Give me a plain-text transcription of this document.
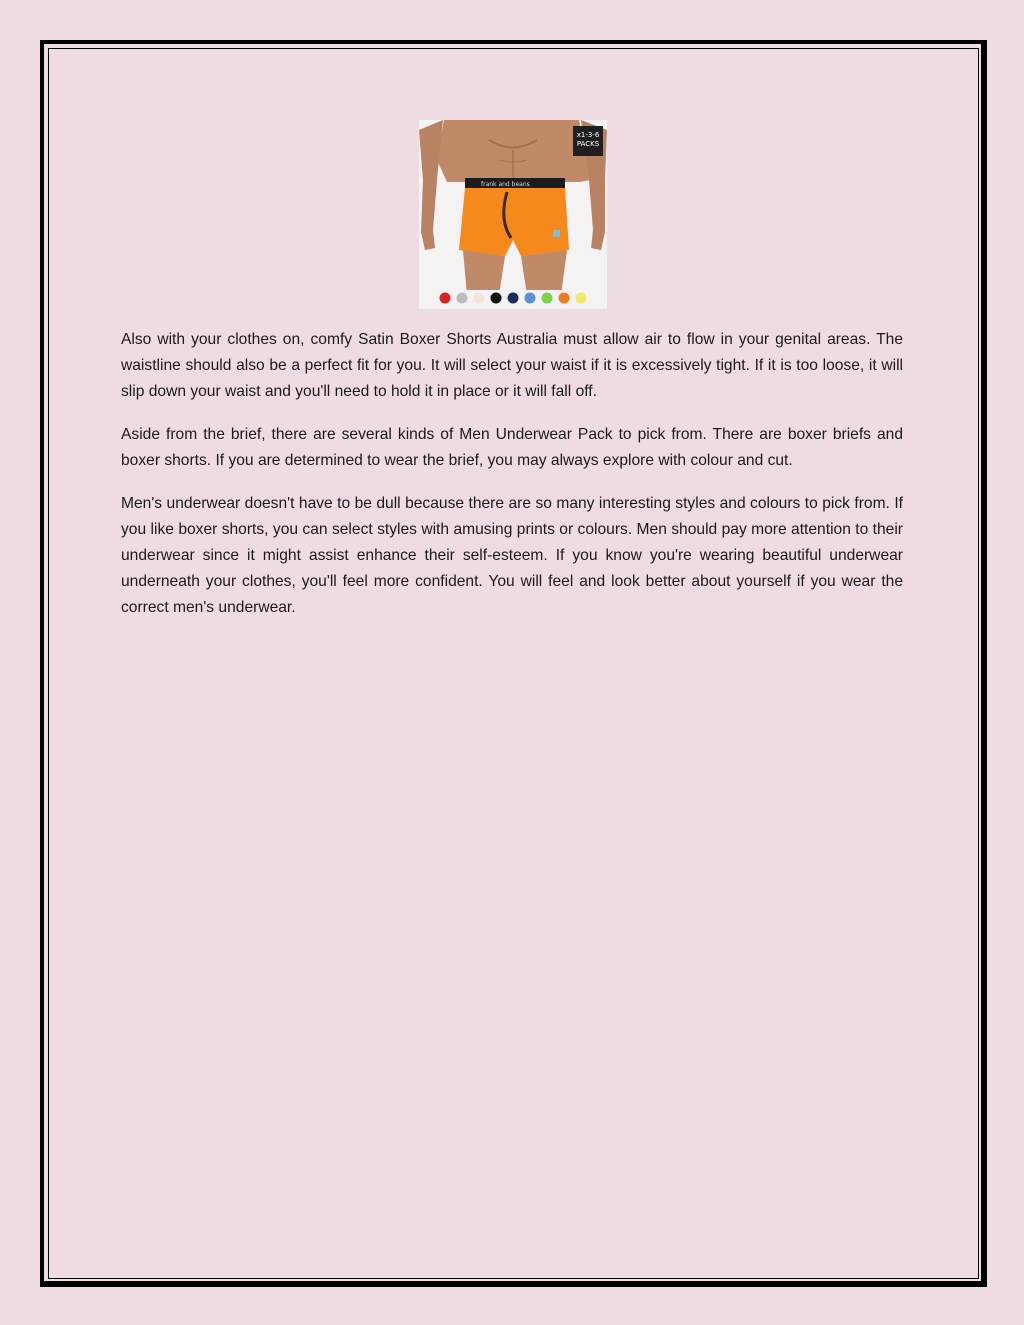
frank and beans
x1-3-6
PACKS

Also with your clothes on, comfy Satin Boxer Shorts Australia must allow air to flow in your genital areas. The waistline should also be a perfect fit for you. It will select your waist if it is excessively tight. If it is too loose, it will slip down your waist and you'll need to hold it in place or it will fall off.

Aside from the brief, there are several kinds of Men Underwear Pack to pick from. There are boxer briefs and boxer shorts. If you are determined to wear the brief, you may always explore with colour and cut.

Men's underwear doesn't have to be dull because there are so many interesting styles and colours to pick from. If you like boxer shorts, you can select styles with amusing prints or colours. Men should pay more attention to their underwear since it might assist enhance their self-esteem. If you know you're wearing beautiful underwear underneath your clothes, you'll feel more confident. You will feel and look better about yourself if you wear the correct men's underwear.
